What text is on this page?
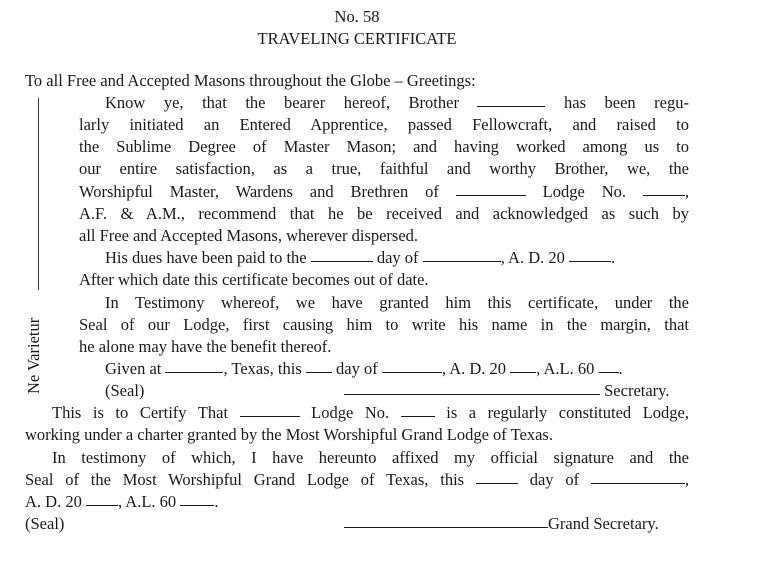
No. 58
TRAVELING CERTIFICATE
Ne Varietur
To all Free and Accepted Masons throughout the Globe – Greetings:
Know ye, that the bearer hereof, Brother	has been regu-
larly initiated an Entered Apprentice, passed Fellowcraft, and raised to
the Sublime Degree of Master Mason; and having worked among us to
our entire satisfaction, as a true, faithful and worthy Brother, we, the
Worshipful Master, Wardens and Brethren of	Lodge No.	,
A.F. & A.M., recommend that he be received and acknowledged as such by
all Free and Accepted Masons, wherever dispersed.
His dues have been paid to the	day of	, A. D. 20	.
After which date this certificate becomes out of date.
In Testimony whereof, we have granted him this certificate, under the
Seal of our Lodge, first causing him to write his name in the margin, that
he alone may have the benefit thereof.
Given at	, Texas, this day of	, A. D. 20 , A.L. 60 .
(Seal)	Secretary.
This is to Certify That	Lodge No.	is a regularly constituted Lodge,
working under a charter granted by the Most Worshipful Grand Lodge of Texas.
In testimony of which, I have hereunto affixed my official signature and the
Seal of the Most Worshipful Grand Lodge of Texas, this	day of	,
A. D. 20 , A.L. 60 .
(Seal)	Grand Secretary.
